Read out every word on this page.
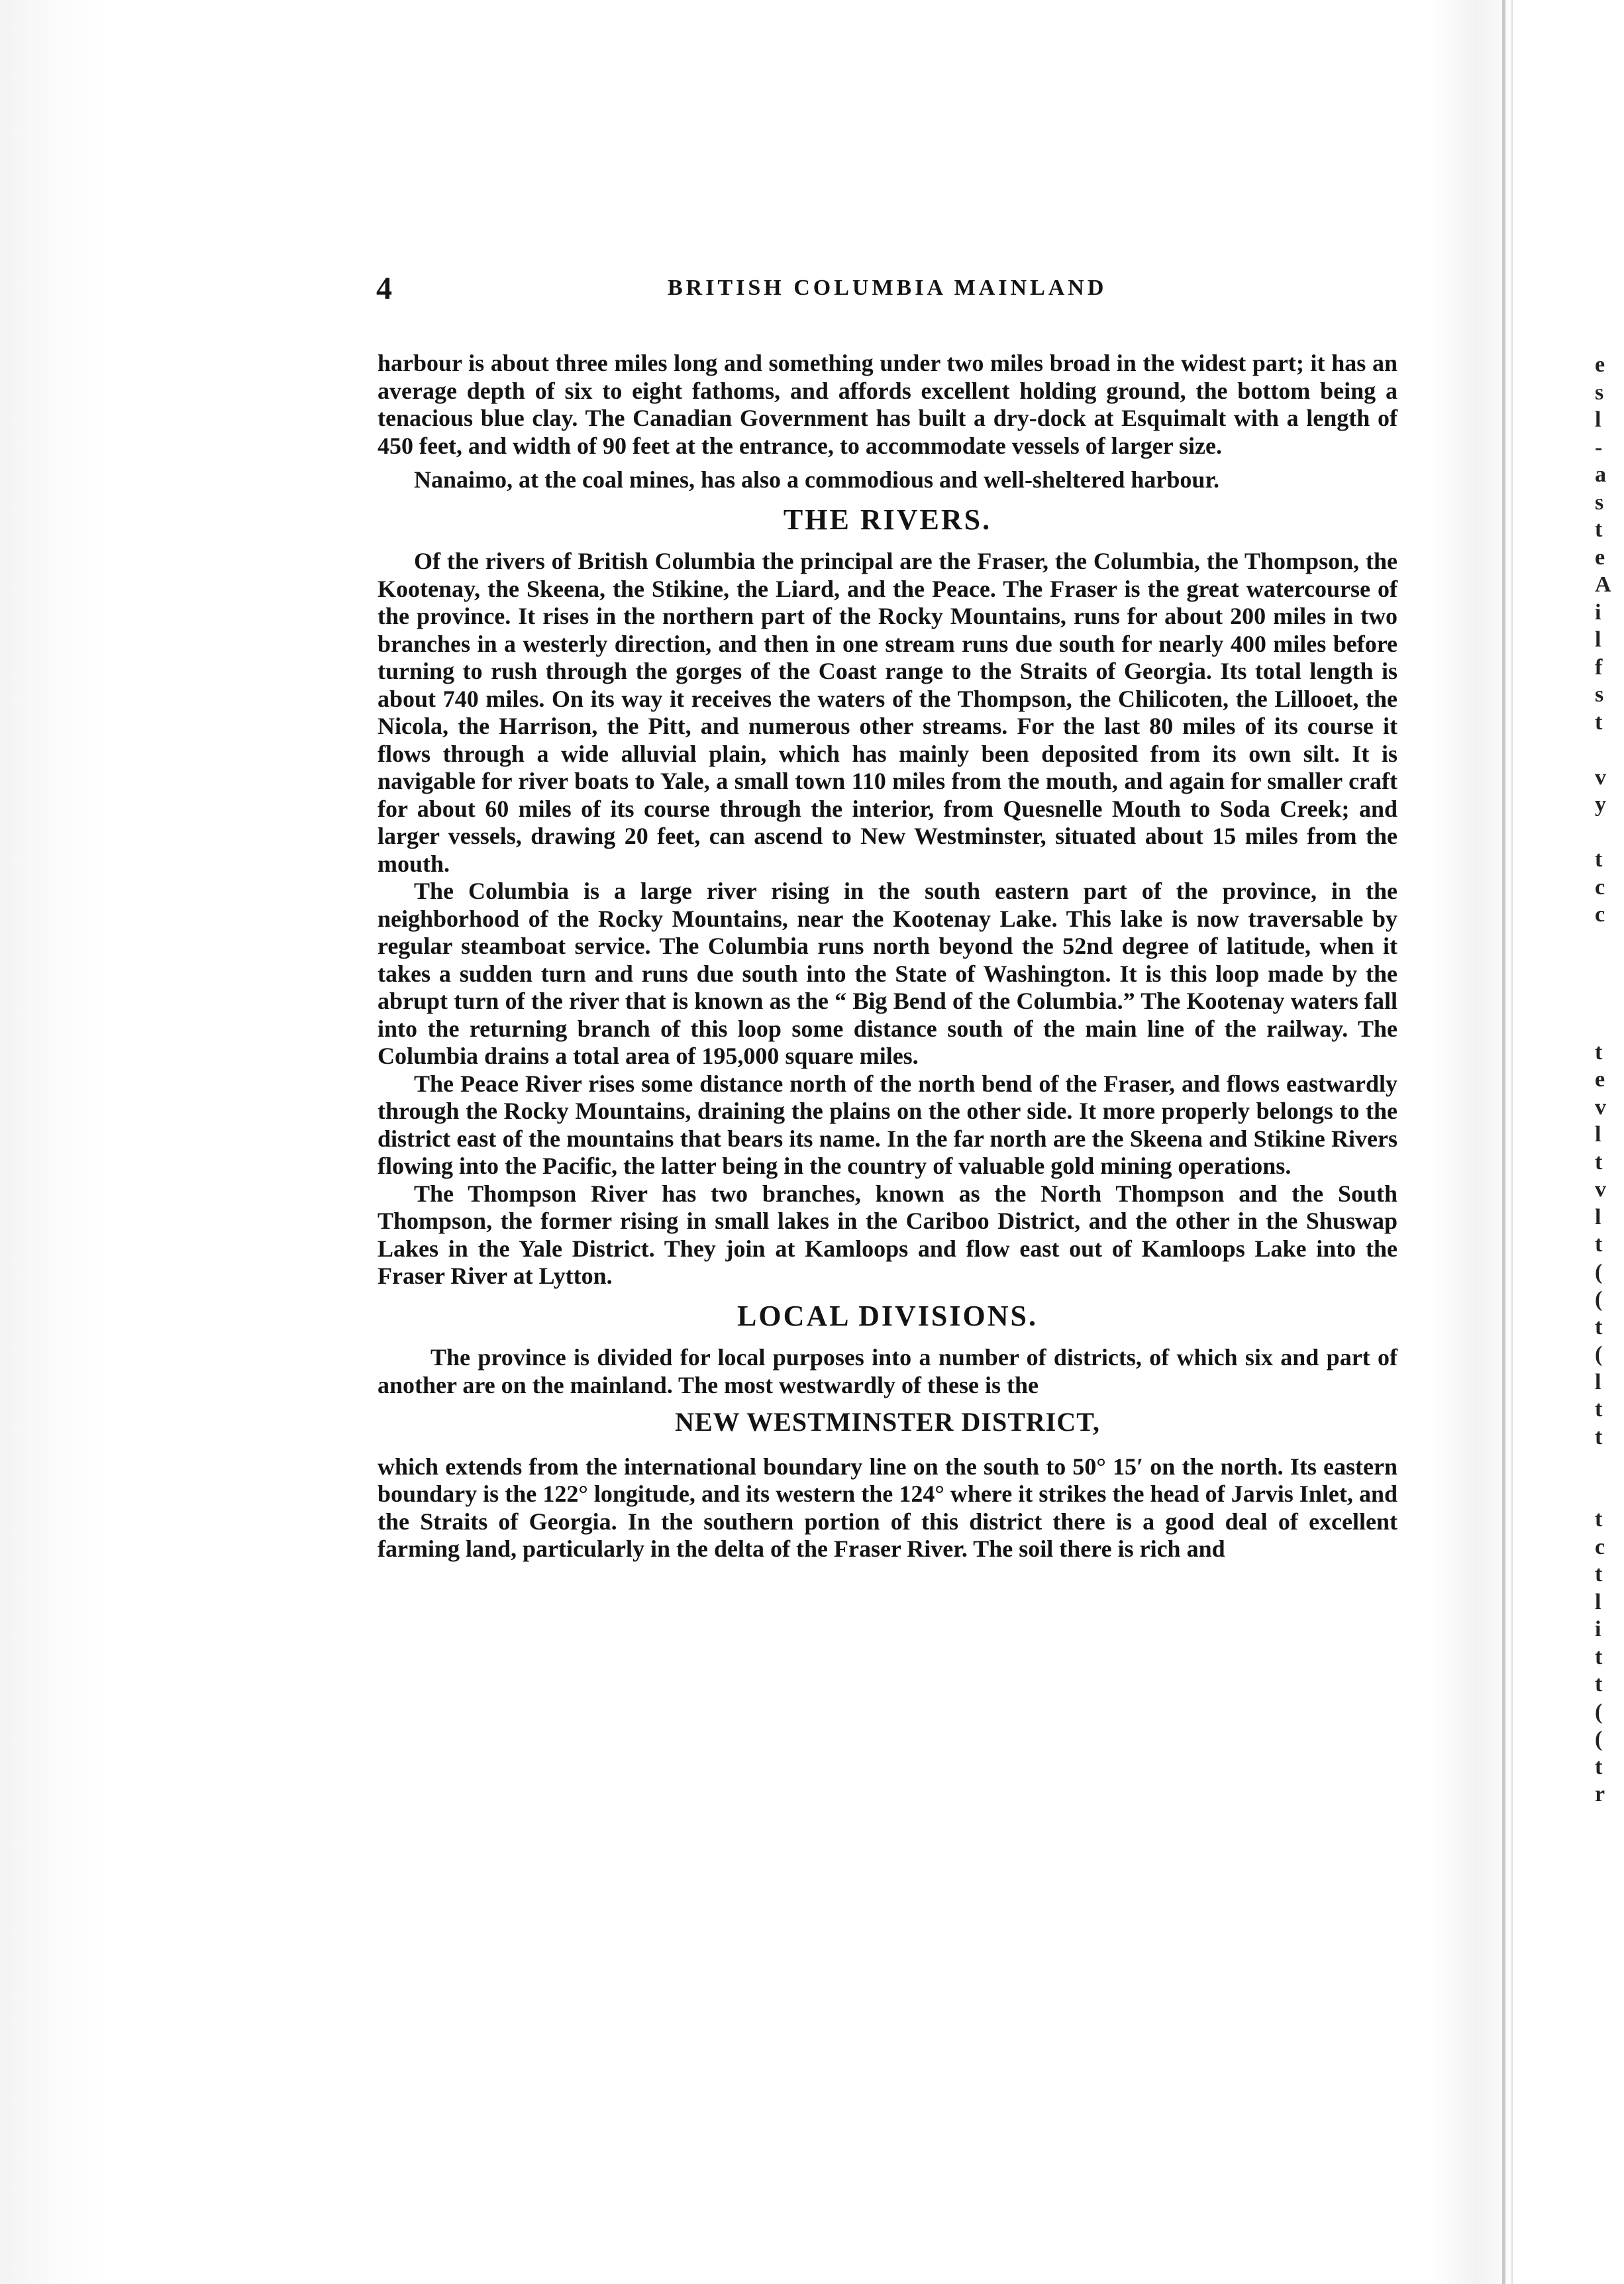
4	BRITISH COLUMBIA MAINLAND

harbour is about three miles long and something under two miles broad in the widest part; it has an average depth of six to eight fathoms, and affords excellent holding ground, the bottom being a tenacious blue clay. The Canadian Government has built a dry-dock at Esquimalt with a length of 450 feet, and width of 90 feet at the entrance, to accommodate vessels of larger size.

Nanaimo, at the coal mines, has also a commodious and well-sheltered harbour.

THE RIVERS.

Of the rivers of British Columbia the principal are the Fraser, the Columbia, the Thompson, the Kootenay, the Skeena, the Stikine, the Liard, and the Peace. The Fraser is the great watercourse of the province. It rises in the northern part of the Rocky Mountains, runs for about 200 miles in two branches in a westerly direction, and then in one stream runs due south for nearly 400 miles before turning to rush through the gorges of the Coast range to the Straits of Georgia. Its total length is about 740 miles. On its way it receives the waters of the Thompson, the Chilicoten, the Lillooet, the Nicola, the Harrison, the Pitt, and numerous other streams. For the last 80 miles of its course it flows through a wide alluvial plain, which has mainly been deposited from its own silt. It is navigable for river boats to Yale, a small town 110 miles from the mouth, and again for smaller craft for about 60 miles of its course through the interior, from Quesnelle Mouth to Soda Creek; and larger vessels, drawing 20 feet, can ascend to New Westminster, situated about 15 miles from the mouth.

The Columbia is a large river rising in the south eastern part of the province, in the neighborhood of the Rocky Mountains, near the Kootenay Lake. This lake is now traversable by regular steamboat service. The Columbia runs north beyond the 52nd degree of latitude, when it takes a sudden turn and runs due south into the State of Washington. It is this loop made by the abrupt turn of the river that is known as the “ Big Bend of the Columbia.” The Kootenay waters fall into the returning branch of this loop some distance south of the main line of the railway. The Columbia drains a total area of 195,000 square miles.

The Peace River rises some distance north of the north bend of the Fraser, and flows eastwardly through the Rocky Mountains, draining the plains on the other side. It more properly belongs to the district east of the mountains that bears its name. In the far north are the Skeena and Stikine Rivers flowing into the Pacific, the latter being in the country of valuable gold mining operations.

The Thompson River has two branches, known as the North Thompson and the South Thompson, the former rising in small lakes in the Cariboo District, and the other in the Shuswap Lakes in the Yale District. They join at Kamloops and flow east out of Kamloops Lake into the Fraser River at Lytton.

LOCAL DIVISIONS.

The province is divided for local purposes into a number of districts, of which six and part of another are on the mainland. The most westwardly of these is the

NEW WESTMINSTER DISTRICT,

which extends from the international boundary line on the south to 50° 15′ on the north. Its eastern boundary is the 122° longitude, and its western the 124° where it strikes the head of Jarvis Inlet, and the Straits of Georgia. In the southern portion of this district there is a good deal of excellent farming land, particularly in the delta of the Fraser River. The soil there is rich and

e
s
l
-
a
s
t
e
A
i
l
f
s
t
v
y
t
c
c
t
e
v
l
t
v
l
t
(
(
t
(
l
t
t
t
c
t
l
i
t
t
(
(
t
r
